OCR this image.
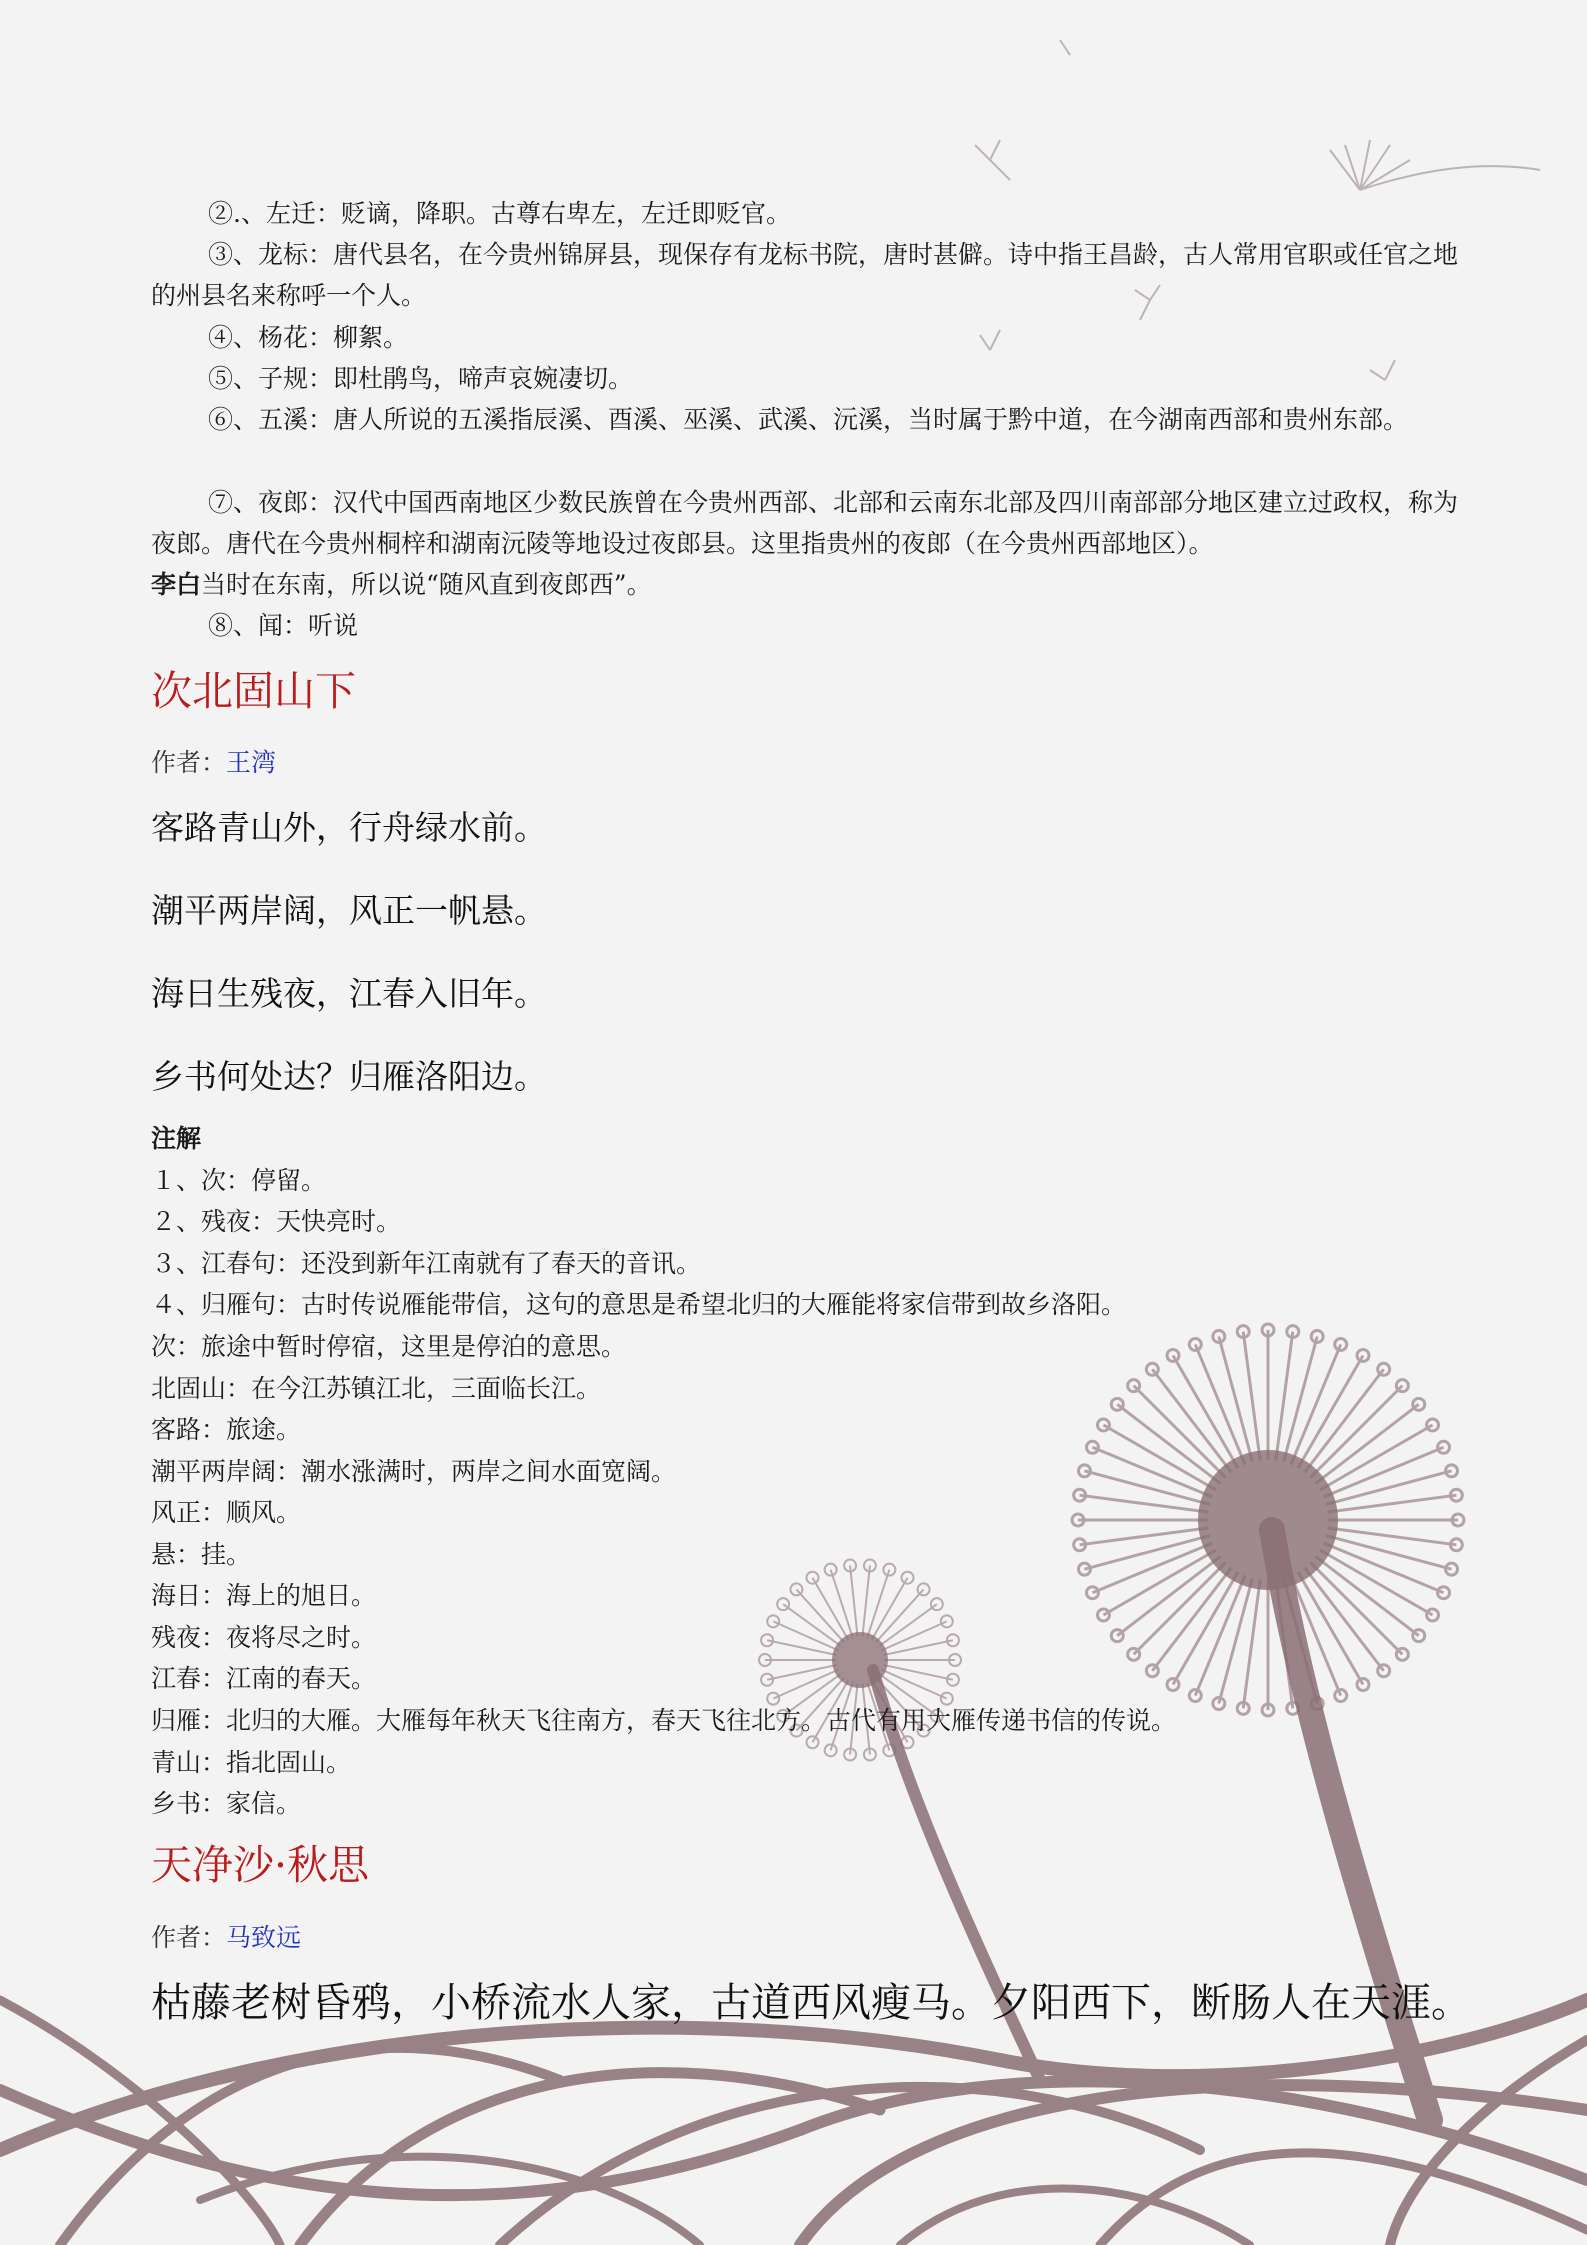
②.、左迁：贬谪，降职。古尊右卑左，左迁即贬官。

③、龙标：唐代县名，在今贵州锦屏县，现保存有龙标书院，唐时甚僻。诗中指王昌龄，古人常用官职或任官之地的州县名来称呼一个人。

④、杨花：柳絮。

⑤、子规：即杜鹃鸟，啼声哀婉凄切。

⑥、五溪：唐人所说的五溪指辰溪、酉溪、巫溪、武溪、沅溪，当时属于黔中道，在今湖南西部和贵州东部。

⑦、夜郎：汉代中国西南地区少数民族曾在今贵州西部、北部和云南东北部及四川南部部分地区建立过政权，称为夜郎。唐代在今贵州桐梓和湖南沅陵等地设过夜郎县。这里指贵州的夜郎（在今贵州西部地区）。

李白当时在东南，所以说“随风直到夜郎西”。

⑧、闻：听说

次北固山下
作者：王湾

客路青山外，行舟绿水前。

潮平两岸阔，风正一帆悬。

海日生残夜，江春入旧年。

乡书何处达？归雁洛阳边。

注解
１、次：停留。
２、残夜：天快亮时。
３、江春句：还没到新年江南就有了春天的音讯。
４、归雁句：古时传说雁能带信，这句的意思是希望北归的大雁能将家信带到故乡洛阳。
次：旅途中暂时停宿，这里是停泊的意思。
北固山：在今江苏镇江北，三面临长江。
客路：旅途。
潮平两岸阔：潮水涨满时，两岸之间水面宽阔。
风正：顺风。
悬：挂。
海日：海上的旭日。
残夜：夜将尽之时。
江春：江南的春天。
归雁：北归的大雁。大雁每年秋天飞往南方，春天飞往北方。古代有用大雁传递书信的传说。
青山：指北固山。
乡书：家信。
天净沙·秋思
作者：马致远

枯藤老树昏鸦，小桥流水人家，古道西风瘦马。夕阳西下，断肠人在天涯。
